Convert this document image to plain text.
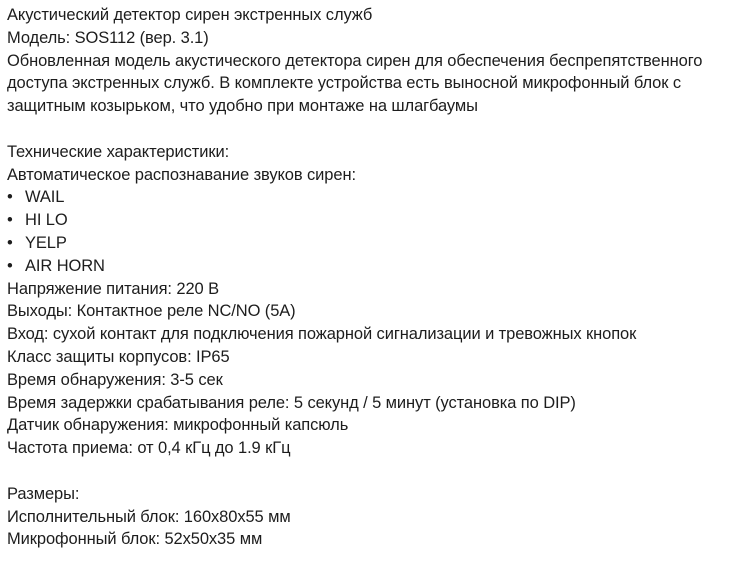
Акустический детектор сирен экстренных служб
Модель: SOS112 (вер. 3.1)
Обновленная модель акустического детектора сирен для обеспечения беспрепятственного
доступа экстренных служб. В комплекте устройства есть выносной микрофонный блок с
защитным козырьком, что удобно при монтаже на шлагбаумы
Технические характеристики:
Автоматическое распознавание звуков сирен:
• WAIL
• HI LO
• YELP
• AIR HORN
Напряжение питания: 220 В
Выходы: Контактное реле NC/NO (5A)
Вход: сухой контакт для подключения пожарной сигнализации и тревожных кнопок
Класс защиты корпусов: IP65
Время обнаружения: 3-5 сек
Время задержки срабатывания реле: 5 секунд / 5 минут (установка по DIP)
Датчик обнаружения: микрофонный капсюль
Частота приема: от 0,4 кГц до 1.9 кГц
Размеры:
Исполнительный блок: 160х80х55 мм
Микрофонный блок: 52х50х35 мм
